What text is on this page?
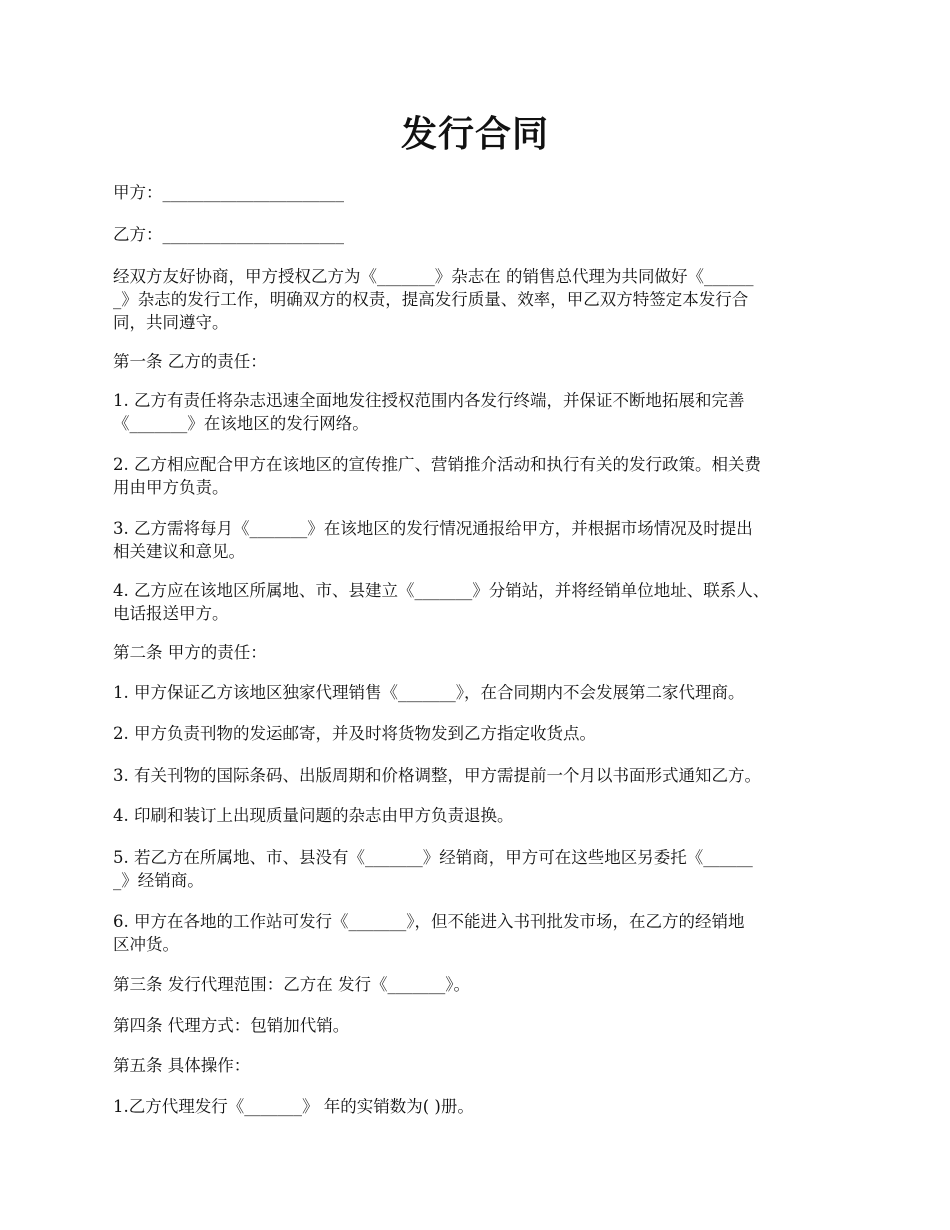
发行合同
甲方：______________________
乙方：______________________
经双方友好协商，甲方授权乙方为《_______》杂志在 的销售总代理为共同做好《______
_》杂志的发行工作，明确双方的权责，提高发行质量、效率，甲乙双方特签定本发行合
同，共同遵守。
第一条 乙方的责任：
1. 乙方有责任将杂志迅速全面地发往授权范围内各发行终端，并保证不断地拓展和完善
《_______》在该地区的发行网络。
2. 乙方相应配合甲方在该地区的宣传推广、营销推介活动和执行有关的发行政策。相关费
用由甲方负责。
3. 乙方需将每月《_______》在该地区的发行情况通报给甲方，并根据市场情况及时提出
相关建议和意见。
4. 乙方应在该地区所属地、市、县建立《_______》分销站，并将经销单位地址、联系人、
电话报送甲方。
第二条 甲方的责任：
1. 甲方保证乙方该地区独家代理销售《_______》，在合同期内不会发展第二家代理商。
2. 甲方负责刊物的发运邮寄，并及时将货物发到乙方指定收货点。
3. 有关刊物的国际条码、出版周期和价格调整，甲方需提前一个月以书面形式通知乙方。
4. 印刷和装订上出现质量问题的杂志由甲方负责退换。
5. 若乙方在所属地、市、县没有《_______》经销商，甲方可在这些地区另委托《______
_》经销商。
6. 甲方在各地的工作站可发行《_______》，但不能进入书刊批发市场，在乙方的经销地
区冲货。
第三条 发行代理范围：乙方在 发行《_______》。
第四条 代理方式：包销加代销。
第五条 具体操作：
1.乙方代理发行《_______》 年的实销数为( )册。
